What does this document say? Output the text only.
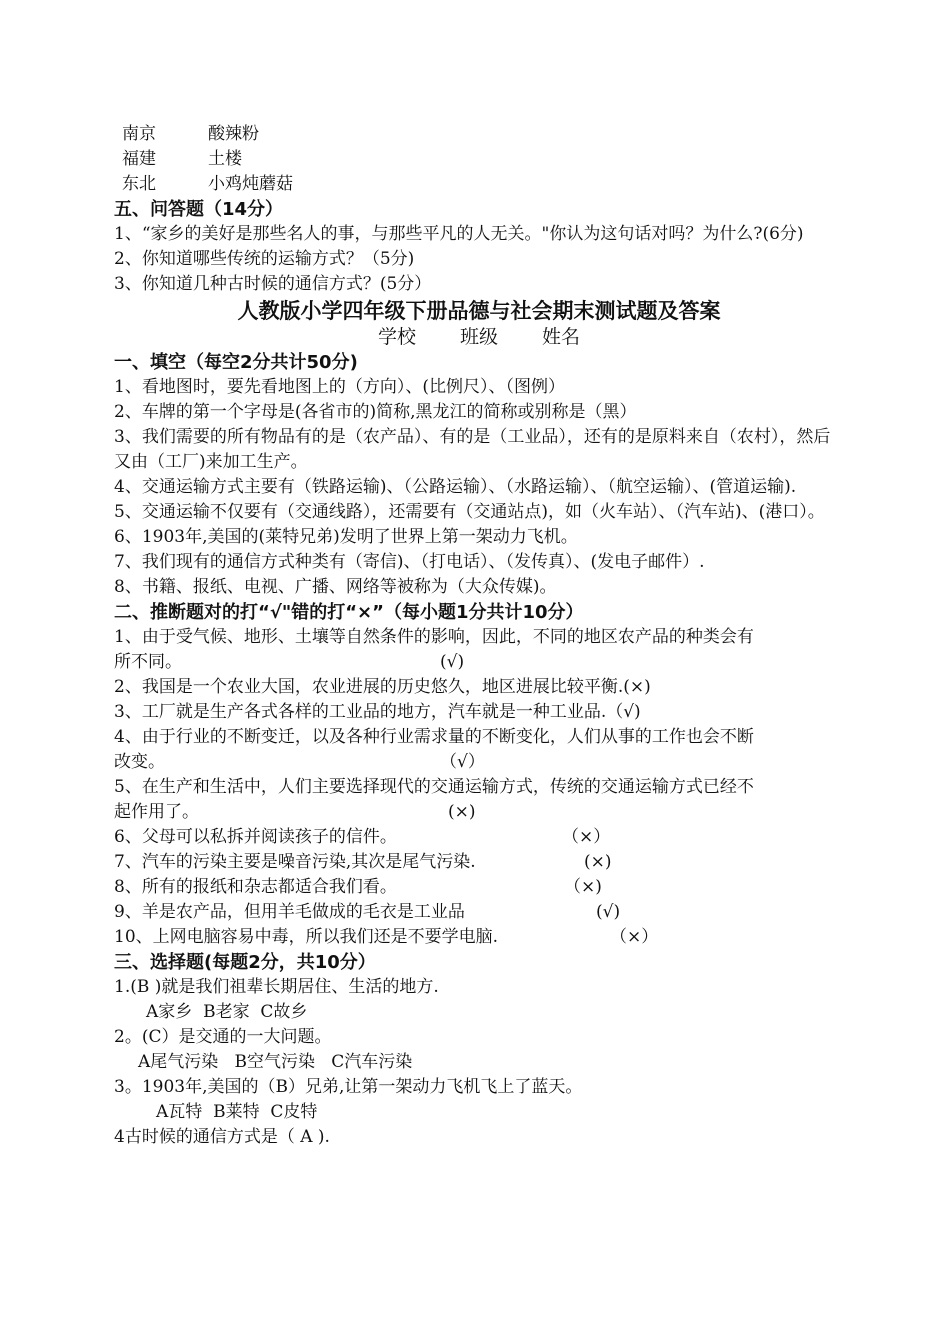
南京	酸辣粉
福建	土楼
东北	小鸡炖蘑菇
五、问答题（14分）
1、“家乡的美好是那些名人的事，与那些平凡的人无关。"你认为这句话对吗？为什么?(6分)
2、你知道哪些传统的运输方式？（5分)
3、你知道几种古时候的通信方式？(5分）
人教版小学四年级下册品德与社会期末测试题及答案
学校 班级 姓名
一、填空（每空2分共计50分)
1、看地图时，要先看地图上的（方向）、(比例尺）、（图例）
2、车牌的第一个字母是(各省市的)简称,黑龙江的简称或别称是（黑）
3、我们需要的所有物品有的是（农产品）、有的是（工业品），还有的是原料来自（农村），然后又由（工厂)来加工生产。
4、交通运输方式主要有（铁路运输)、（公路运输）、（水路运输）、（航空运输）、(管道运输).
5、交通运输不仅要有（交通线路），还需要有（交通站点)，如（火车站）、（汽车站)、(港口）。
6、1903年,美国的(莱特兄弟)发明了世界上第一架动力飞机。
7、我们现有的通信方式种类有（寄信)、（打电话）、（发传真）、(发电子邮件）.
8、书籍、报纸、电视、广播、网络等被称为（大众传媒)。
二、推断题对的打“√"错的打“×”（每小题1分共计10分）
1、由于受气候、地形、土壤等自然条件的影响，因此，不同的地区农产品的种类会有
所不同。	(√)
2、我国是一个农业大国，农业进展的历史悠久，地区进展比较平衡.(×)
3、工厂就是生产各式各样的工业品的地方，汽车就是一种工业品.（√)
4、由于行业的不断变迁，以及各种行业需求量的不断变化，人们从事的工作也会不断
改变。	（√）
5、在生产和生活中，人们主要选择现代的交通运输方式，传统的交通运输方式已经不
起作用了。	(×)
6、父母可以私拆并阅读孩子的信件。	（×）
7、汽车的污染主要是噪音污染,其次是尾气污染.	(×)
8、所有的报纸和杂志都适合我们看。	（×)
9、羊是农产品，但用羊毛做成的毛衣是工业品	(√)
10、上网电脑容易中毒，所以我们还是不要学电脑.	（×）
三、选择题(每题2分，共10分）
1.(B )就是我们祖辈长期居住、生活的地方.
A家乡  B老家  C故乡
2。(C）是交通的一大问题。
A尾气污染   B空气污染   C汽车污染
3。1903年,美国的（B）兄弟,让第一架动力飞机飞上了蓝天。
A瓦特  B莱特  C皮特
4古时候的通信方式是（ A ).
